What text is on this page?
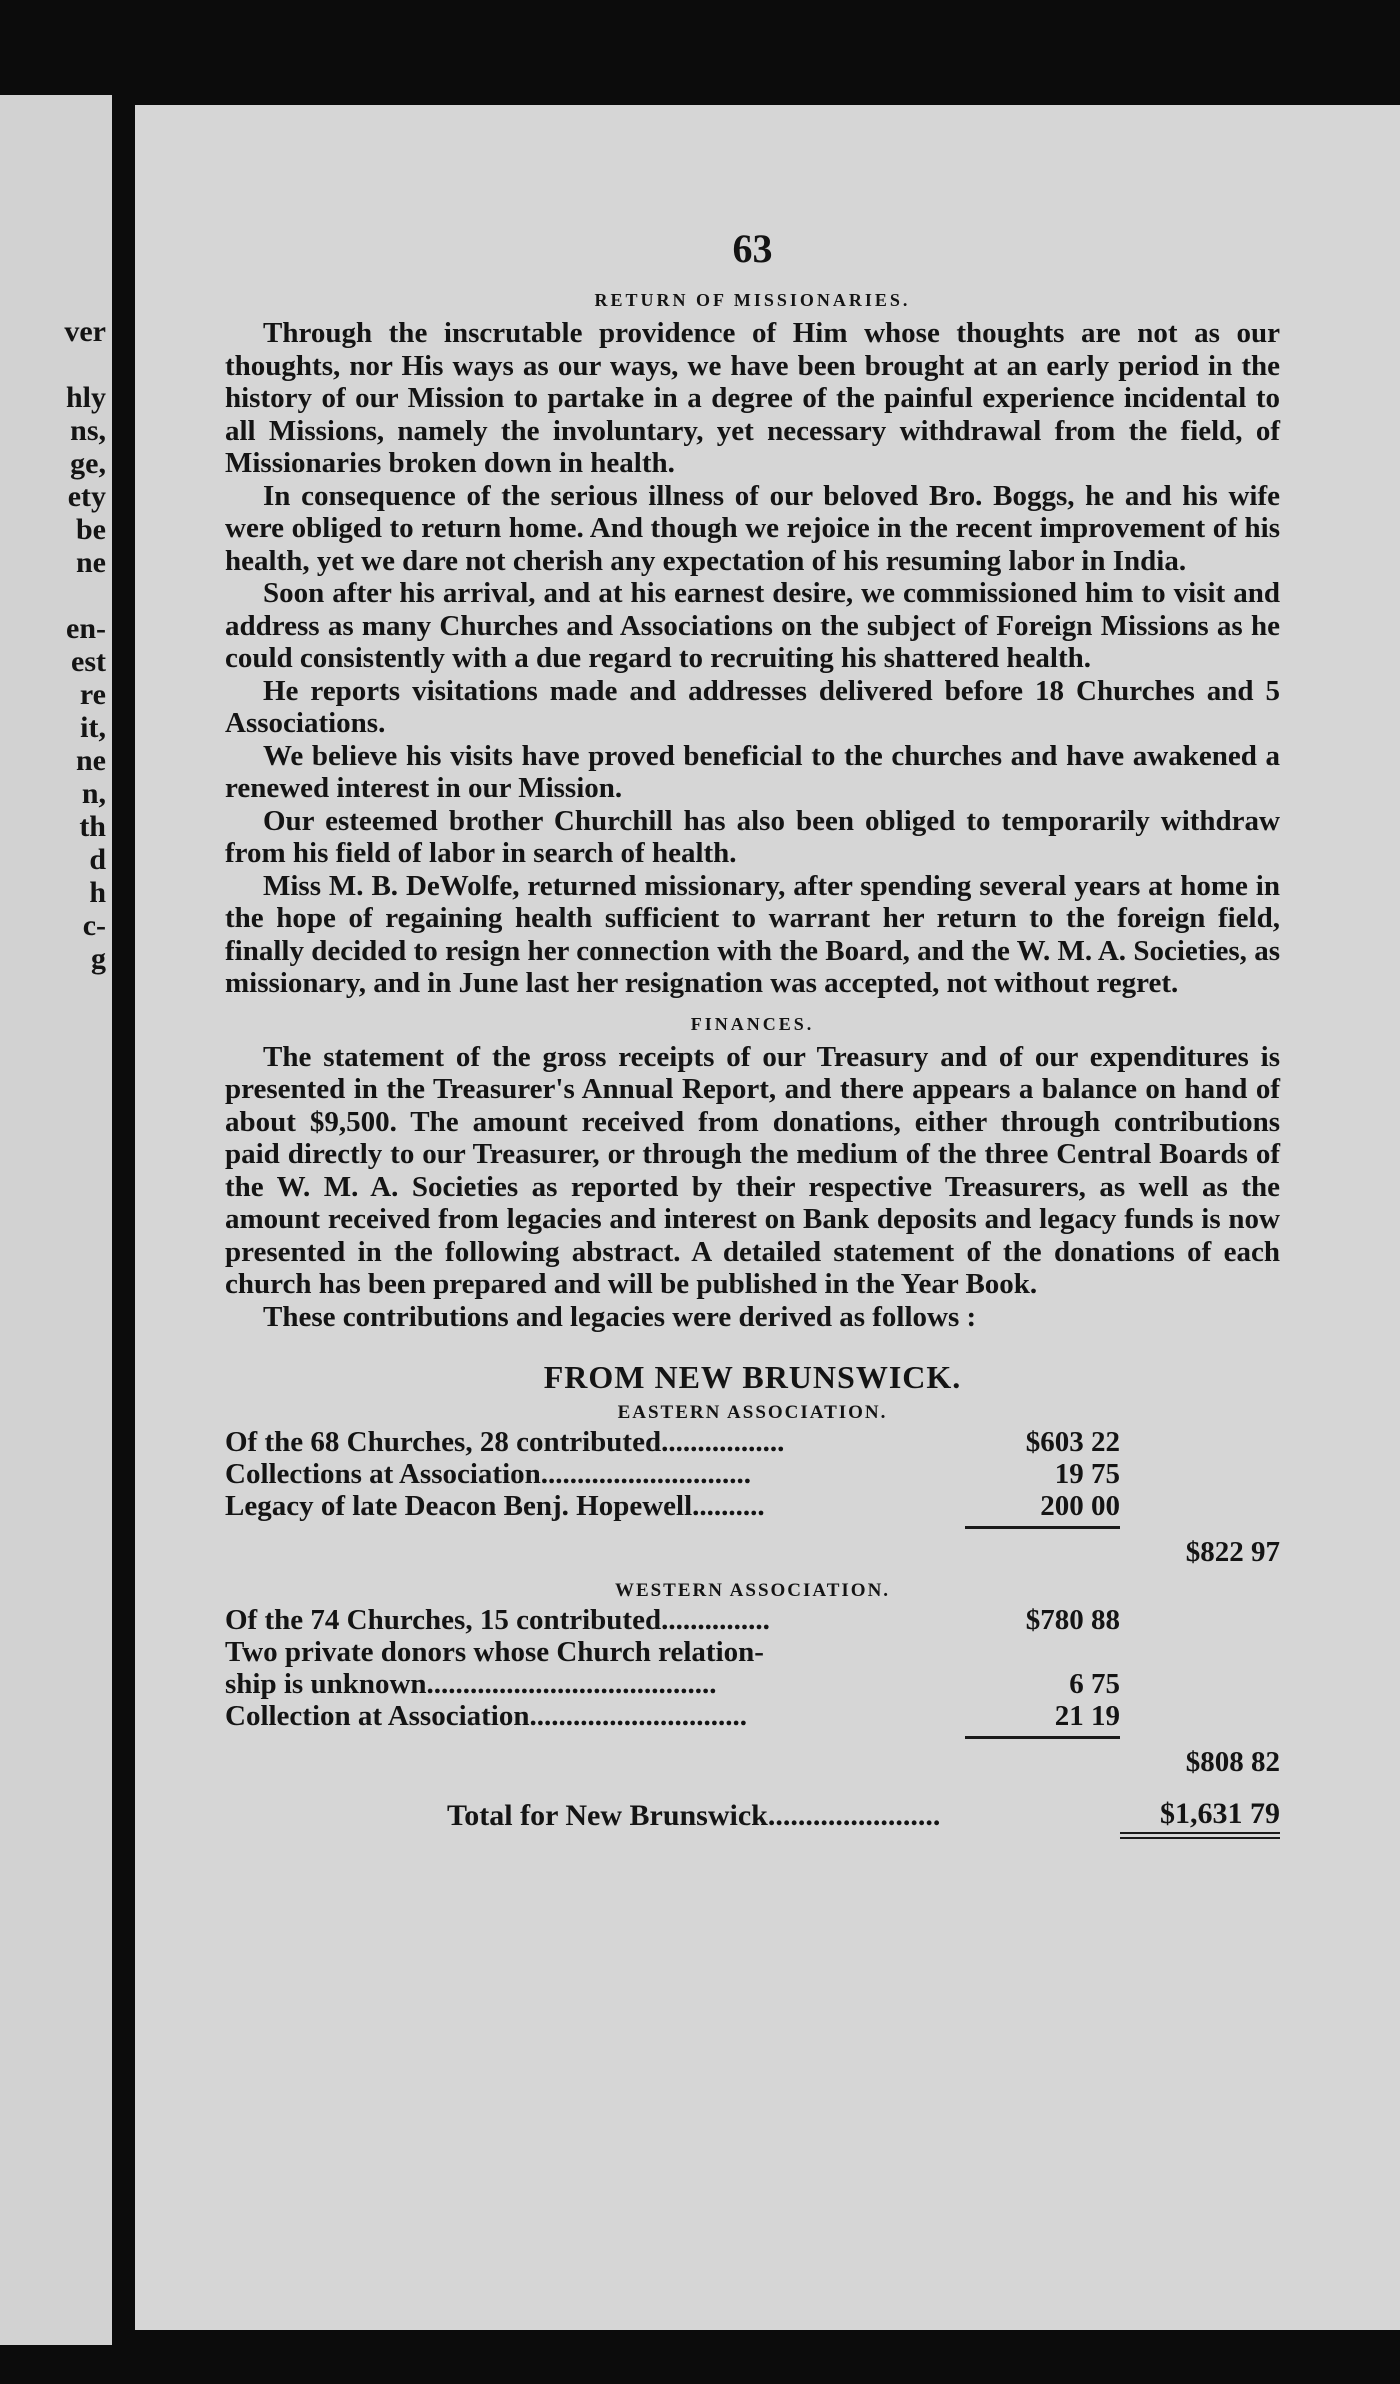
ver

hly
ns,
ge,
ety
be
ne

en-
est
re
it,
ne
n,
th
d
h
c-
g
63
RETURN OF MISSIONARIES.

Through the inscrutable providence of Him whose thoughts are not as our thoughts, nor His ways as our ways, we have been brought at an early period in the history of our Mission to partake in a degree of the painful experience incidental to all Missions, namely the involuntary, yet necessary withdrawal from the field, of Missionaries broken down in health.

In consequence of the serious illness of our beloved Bro. Boggs, he and his wife were obliged to return home. And though we rejoice in the recent improvement of his health, yet we dare not cherish any expectation of his resuming labor in India.

Soon after his arrival, and at his earnest desire, we commissioned him to visit and address as many Churches and Associations on the subject of Foreign Missions as he could consistently with a due regard to recruiting his shattered health.

He reports visitations made and addresses delivered before 18 Churches and 5 Associations.

We believe his visits have proved beneficial to the churches and have awakened a renewed interest in our Mission.

Our esteemed brother Churchill has also been obliged to temporarily withdraw from his field of labor in search of health.

Miss M. B. DeWolfe, returned missionary, after spending several years at home in the hope of regaining health sufficient to warrant her return to the foreign field, finally decided to resign her connection with the Board, and the W. M. A. Societies, as missionary, and in June last her resignation was accepted, not without regret.

FINANCES.

The statement of the gross receipts of our Treasury and of our expenditures is presented in the Treasurer's Annual Report, and there appears a balance on hand of about $9,500. The amount received from donations, either through contributions paid directly to our Treasurer, or through the medium of the three Central Boards of the W. M. A. Societies as reported by their respective Treasurers, as well as the amount received from legacies and interest on Bank deposits and legacy funds is now presented in the following abstract. A detailed statement of the donations of each church has been prepared and will be published in the Year Book.

These contributions and legacies were derived as follows :

FROM NEW BRUNSWICK.
EASTERN ASSOCIATION.
Of the 68 Churches, 28 contributed.................	$603 22
Collections at Association.............................	19 75
Legacy of late Deacon Benj. Hopewell..........	200 00
$822 97
WESTERN ASSOCIATION.
Of the 74 Churches, 15 contributed...............	$780 88
Two private donors whose Church relation-
ship is unknown........................................	6 75
Collection at Association..............................	21 19
$808 82
Total for New Brunswick.......................	$1,631 79
